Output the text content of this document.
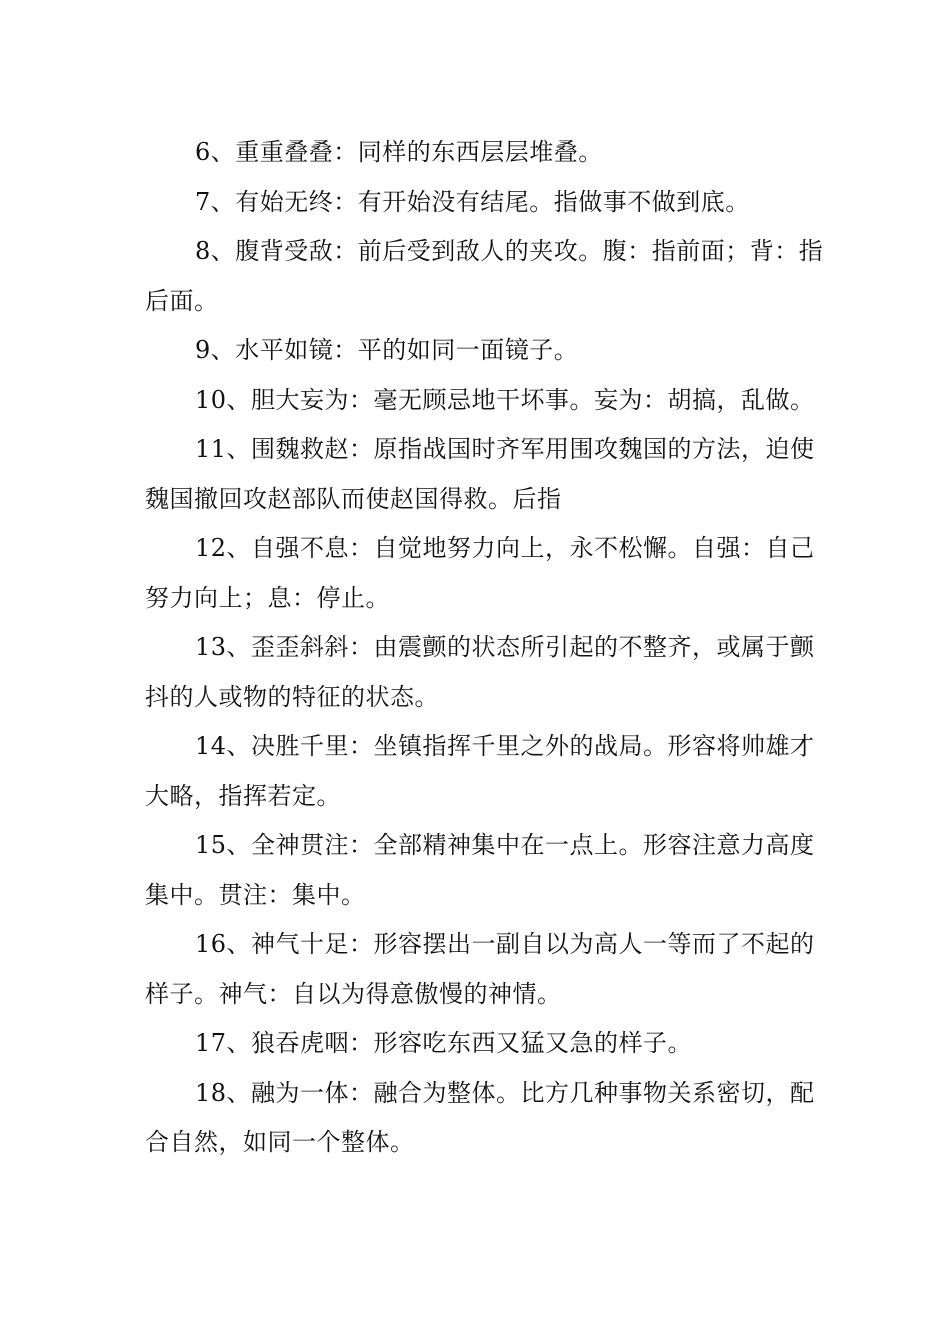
6、重重叠叠：同样的东西层层堆叠。

7、有始无终：有开始没有结尾。指做事不做到底。

8、腹背受敌：前后受到敌人的夹攻。腹：指前面；背：指后面。

9、水平如镜：平的如同一面镜子。

10、胆大妄为：毫无顾忌地干坏事。妄为：胡搞，乱做。

11、围魏救赵：原指战国时齐军用围攻魏国的方法，迫使魏国撤回攻赵部队而使赵国得救。后指

12、自强不息：自觉地努力向上，永不松懈。自强：自己努力向上；息：停止。

13、歪歪斜斜：由震颤的状态所引起的不整齐，或属于颤抖的人或物的特征的状态。

14、决胜千里：坐镇指挥千里之外的战局。形容将帅雄才大略，指挥若定。

15、全神贯注：全部精神集中在一点上。形容注意力高度集中。贯注：集中。

16、神气十足：形容摆出一副自以为高人一等而了不起的样子。神气：自以为得意傲慢的神情。

17、狼吞虎咽：形容吃东西又猛又急的样子。

18、融为一体：融合为整体。比方几种事物关系密切，配合自然，如同一个整体。
